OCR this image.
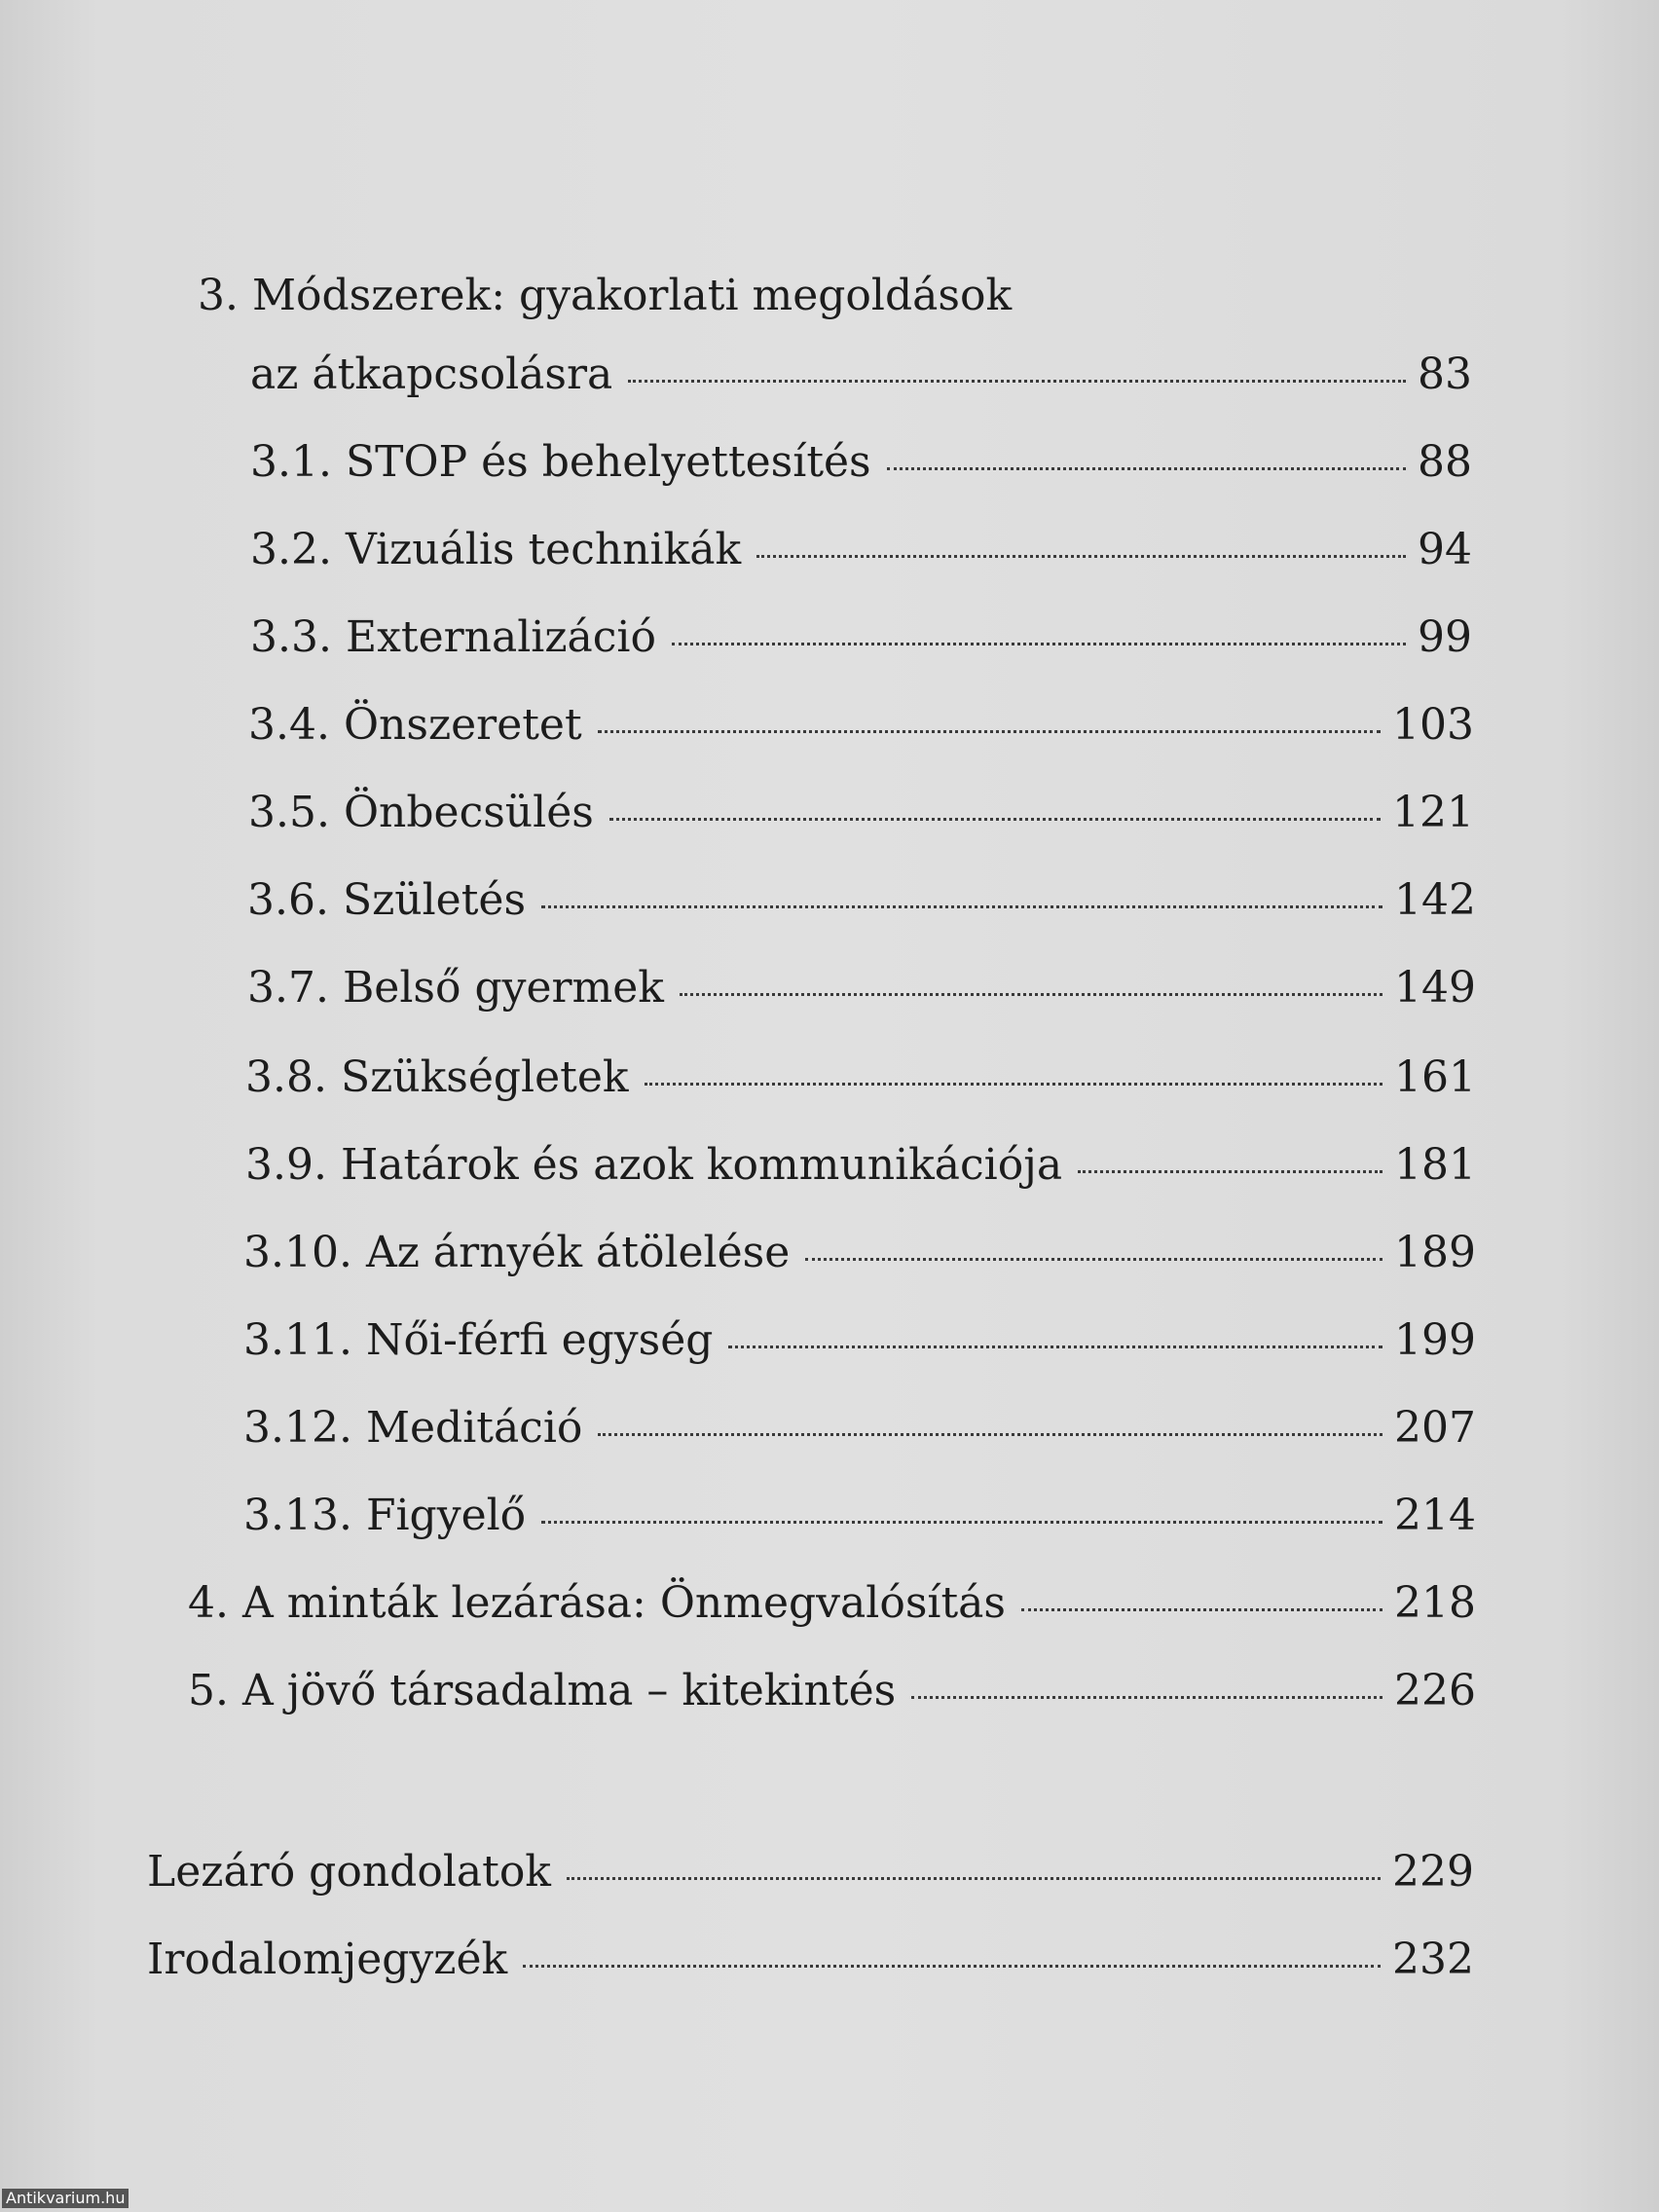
3. Módszerek: gyakorlati megoldások
az átkapcsolásra	83
3.1. STOP és behelyettesítés	88
3.2. Vizuális technikák	94
3.3. Externalizáció	99
3.4. Önszeretet	103
3.5. Önbecsülés	121
3.6. Születés	142
3.7. Belső gyermek	149
3.8. Szükségletek	161
3.9. Határok és azok kommunikációja	181
3.10. Az árnyék átölelése	189
3.11. Női-férfi egység	199
3.12. Meditáció	207
3.13. Figyelő	214
4. A minták lezárása: Önmegvalósítás	218
5. A jövő társadalma – kitekintés	226
Lezáró gondolatok	229
Irodalomjegyzék	232
Antikvarium.hu
